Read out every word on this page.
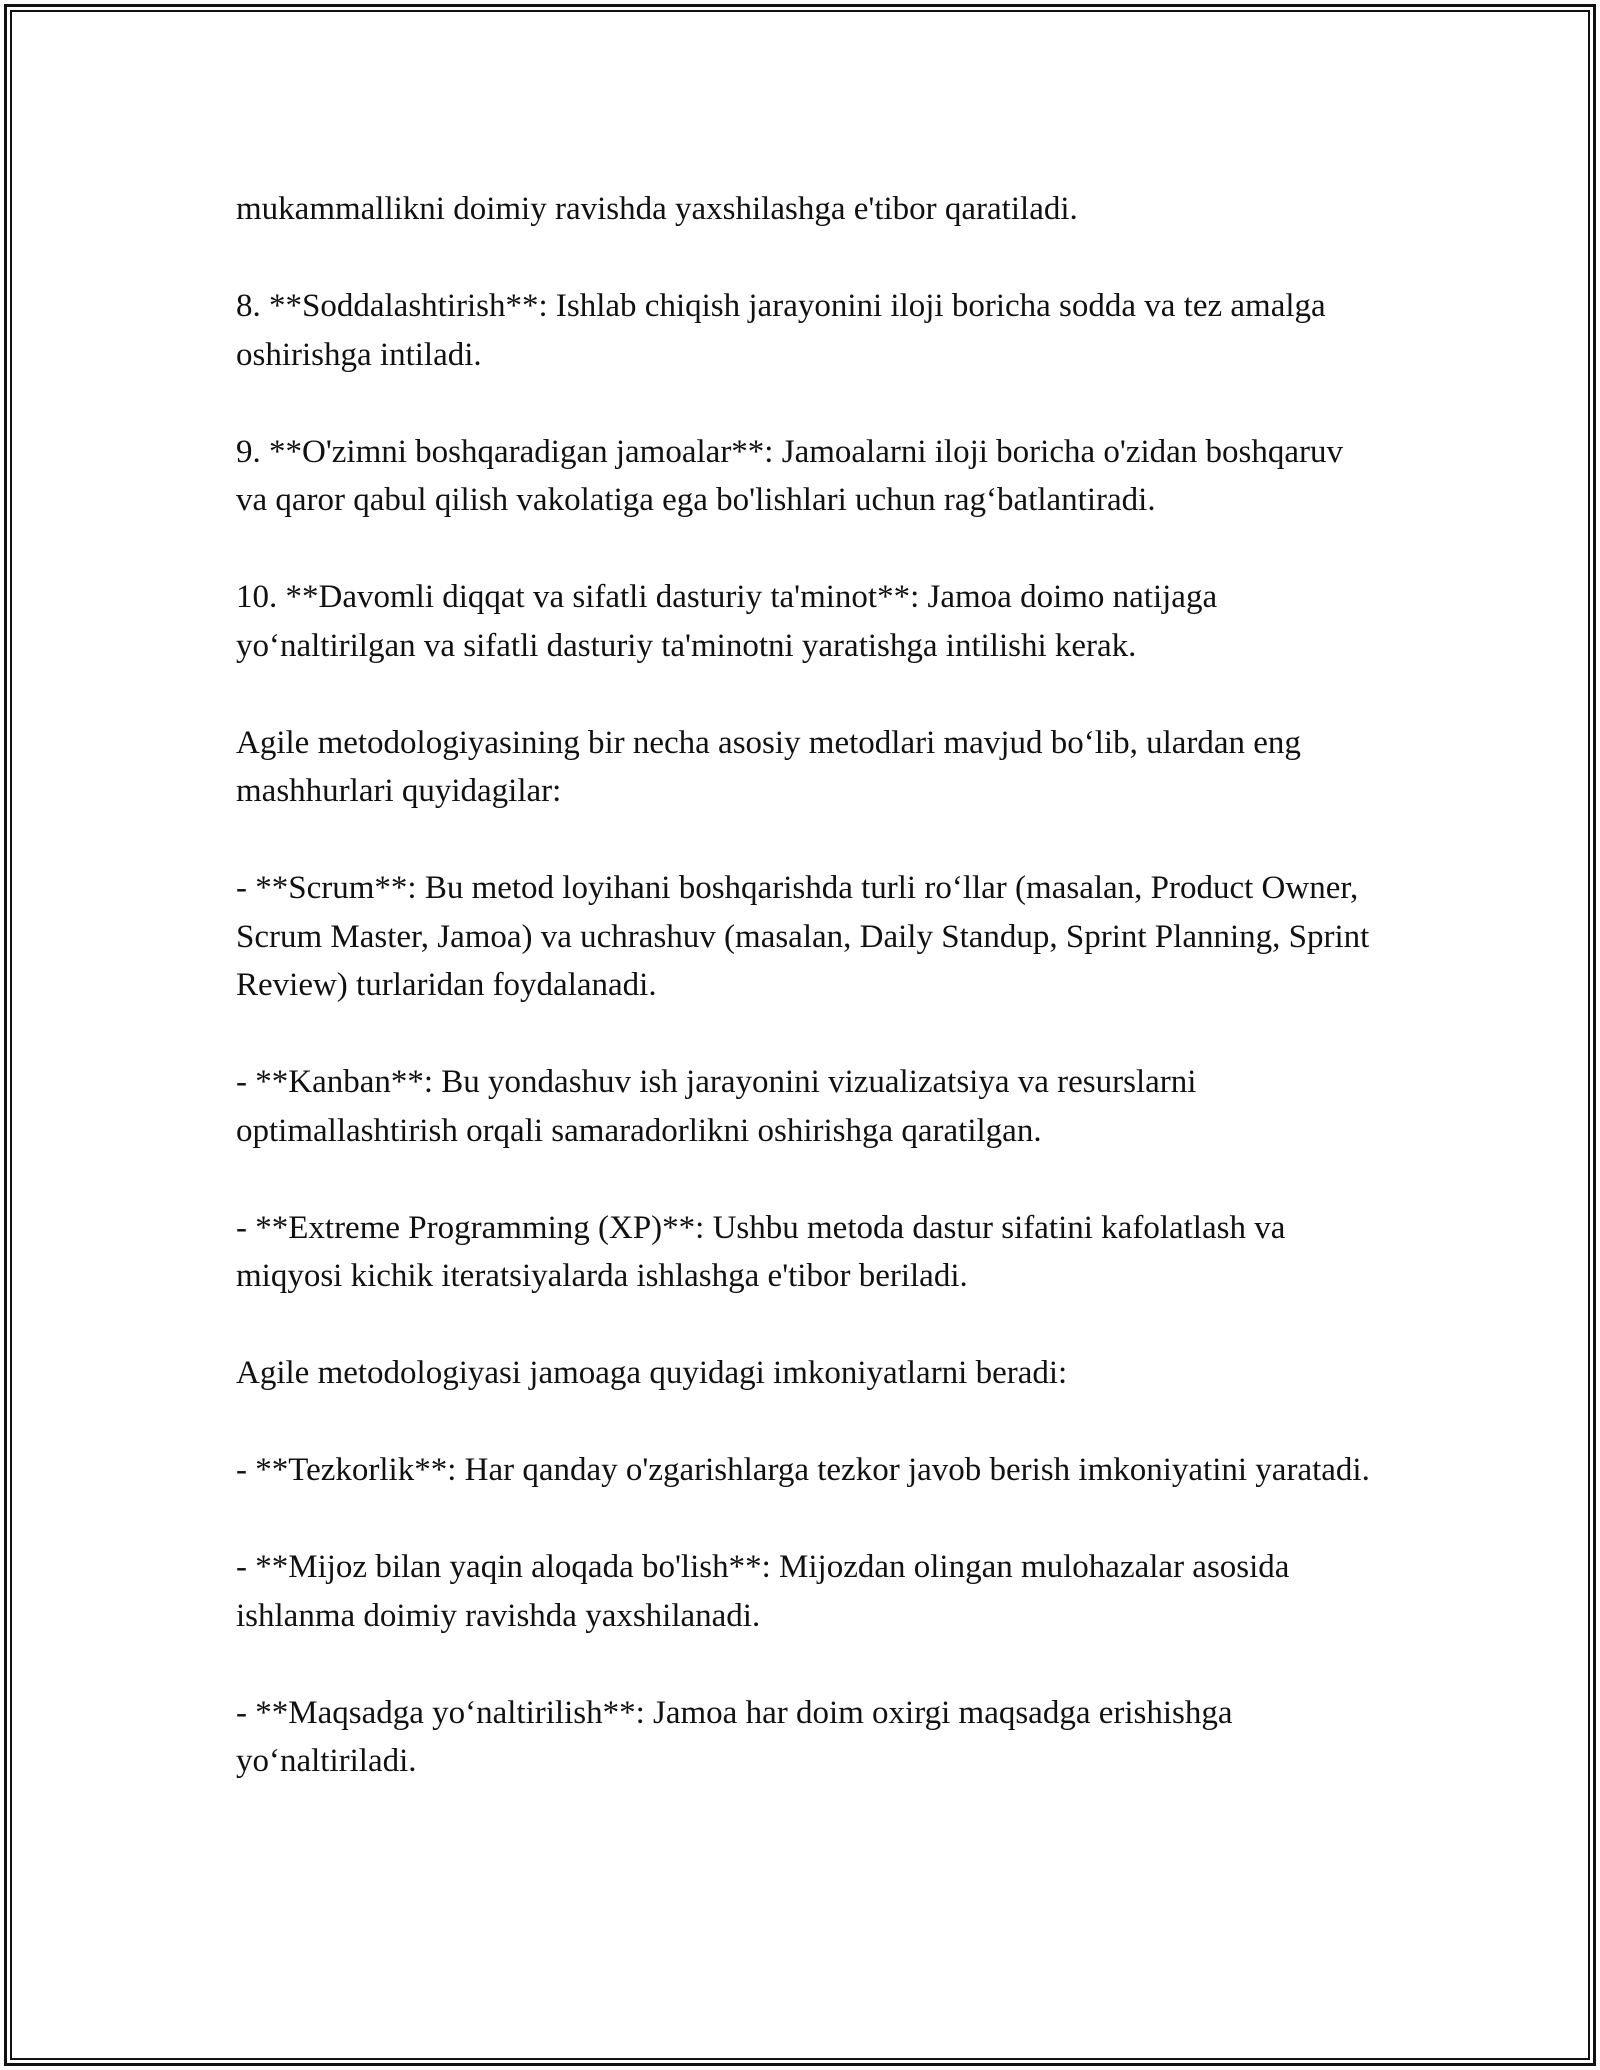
mukammallikni doimiy ravishda yaxshilashga e'tibor qaratiladi.

8. **Soddalashtirish**: Ishlab chiqish jarayonini iloji boricha sodda va tez amalga oshirishga intiladi.

9. **O'zimni boshqaradigan jamoalar**: Jamoalarni iloji boricha o'zidan boshqaruv va qaror qabul qilish vakolatiga ega bo'lishlari uchun rag‘batlantiradi.

10. **Davomli diqqat va sifatli dasturiy ta'minot**: Jamoa doimo natijaga yo‘naltirilgan va sifatli dasturiy ta'minotni yaratishga intilishi kerak.

Agile metodologiyasining bir necha asosiy metodlari mavjud bo‘lib, ulardan eng mashhurlari quyidagilar:

- **Scrum**: Bu metod loyihani boshqarishda turli ro‘llar (masalan, Product Owner, Scrum Master, Jamoa) va uchrashuv (masalan, Daily Standup, Sprint Planning, Sprint Review) turlaridan foydalanadi.

- **Kanban**: Bu yondashuv ish jarayonini vizualizatsiya va resurslarni optimallashtirish orqali samaradorlikni oshirishga qaratilgan.

- **Extreme Programming (XP)**: Ushbu metoda dastur sifatini kafolatlash va miqyosi kichik iteratsiyalarda ishlashga e'tibor beriladi.

Agile metodologiyasi jamoaga quyidagi imkoniyatlarni beradi:

- **Tezkorlik**: Har qanday o'zgarishlarga tezkor javob berish imkoniyatini yaratadi.

- **Mijoz bilan yaqin aloqada bo'lish**: Mijozdan olingan mulohazalar asosida ishlanma doimiy ravishda yaxshilanadi.

- **Maqsadga yo‘naltirilish**: Jamoa har doim oxirgi maqsadga erishishga yo‘naltiriladi.
